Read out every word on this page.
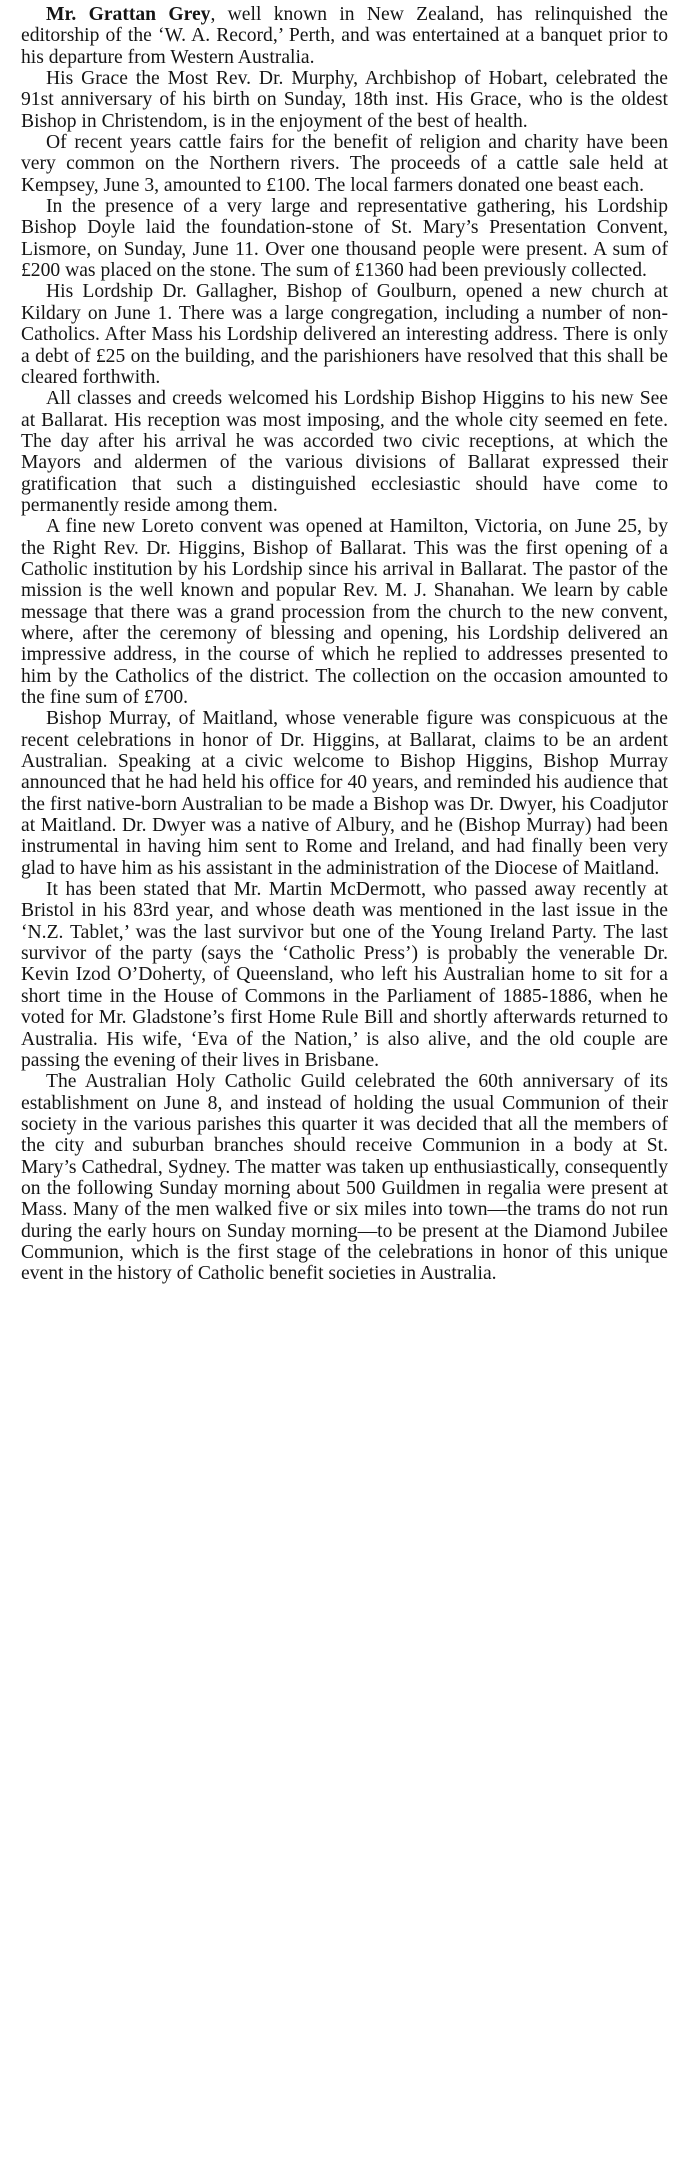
Mr. Grattan Grey, well known in New Zealand, has relinquished the editorship of the ‘W. A. Record,’ Perth, and was entertained at a banquet prior to his departure from Western Australia.

His Grace the Most Rev. Dr. Murphy, Archbishop of Hobart, celebrated the 91st anniversary of his birth on Sunday, 18th inst. His Grace, who is the oldest Bishop in Christendom, is in the enjoyment of the best of health.

Of recent years cattle fairs for the benefit of religion and charity have been very common on the Northern rivers. The proceeds of a cattle sale held at Kempsey, June 3, amounted to £100. The local farmers donated one beast each.

In the presence of a very large and representative gathering, his Lordship Bishop Doyle laid the foundation-stone of St. Mary’s Presentation Convent, Lismore, on Sunday, June 11. Over one thousand people were present. A sum of £200 was placed on the stone. The sum of £1360 had been previously collected.

His Lordship Dr. Gallagher, Bishop of Goulburn, opened a new church at Kildary on June 1. There was a large congregation, including a number of non-Catholics. After Mass his Lordship delivered an interesting address. There is only a debt of £25 on the building, and the parishioners have resolved that this shall be cleared forthwith.

All classes and creeds welcomed his Lordship Bishop Higgins to his new See at Ballarat. His reception was most imposing, and the whole city seemed en fete. The day after his arrival he was accorded two civic receptions, at which the Mayors and aldermen of the various divisions of Ballarat expressed their gratification that such a distinguished ecclesiastic should have come to permanently reside among them.

A fine new Loreto convent was opened at Hamilton, Victoria, on June 25, by the Right Rev. Dr. Higgins, Bishop of Ballarat. This was the first opening of a Catholic institution by his Lordship since his arrival in Ballarat. The pastor of the mission is the well known and popular Rev. M. J. Shanahan. We learn by cable message that there was a grand procession from the church to the new convent, where, after the ceremony of blessing and opening, his Lordship delivered an impressive address, in the course of which he replied to addresses presented to him by the Catholics of the district. The collection on the occasion amounted to the fine sum of £700.

Bishop Murray, of Maitland, whose venerable figure was conspicuous at the recent celebrations in honor of Dr. Higgins, at Ballarat, claims to be an ardent Australian. Speaking at a civic welcome to Bishop Higgins, Bishop Murray announced that he had held his office for 40 years, and reminded his audience that the first native-born Australian to be made a Bishop was Dr. Dwyer, his Coadjutor at Maitland. Dr. Dwyer was a native of Albury, and he (Bishop Murray) had been instrumental in having him sent to Rome and Ireland, and had finally been very glad to have him as his assistant in the administration of the Diocese of Maitland.

It has been stated that Mr. Martin McDermott, who passed away recently at Bristol in his 83rd year, and whose death was mentioned in the last issue in the ‘N.Z. Tablet,’ was the last survivor but one of the Young Ireland Party. The last survivor of the party (says the ‘Catholic Press’) is probably the venerable Dr. Kevin Izod O’Doherty, of Queensland, who left his Australian home to sit for a short time in the House of Commons in the Parliament of 1885-1886, when he voted for Mr. Gladstone’s first Home Rule Bill and shortly afterwards returned to Australia. His wife, ‘Eva of the Nation,’ is also alive, and the old couple are passing the evening of their lives in Brisbane.

The Australian Holy Catholic Guild celebrated the 60th anniversary of its establishment on June 8, and instead of holding the usual Communion of their society in the various parishes this quarter it was decided that all the members of the city and suburban branches should receive Communion in a body at St. Mary’s Cathedral, Sydney. The matter was taken up enthusiastically, consequently on the following Sunday morning about 500 Guildmen in regalia were present at Mass. Many of the men walked five or six miles into town—the trams do not run during the early hours on Sunday morning—to be present at the Diamond Jubilee Communion, which is the first stage of the celebrations in honor of this unique event in the history of Catholic benefit societies in Australia.
